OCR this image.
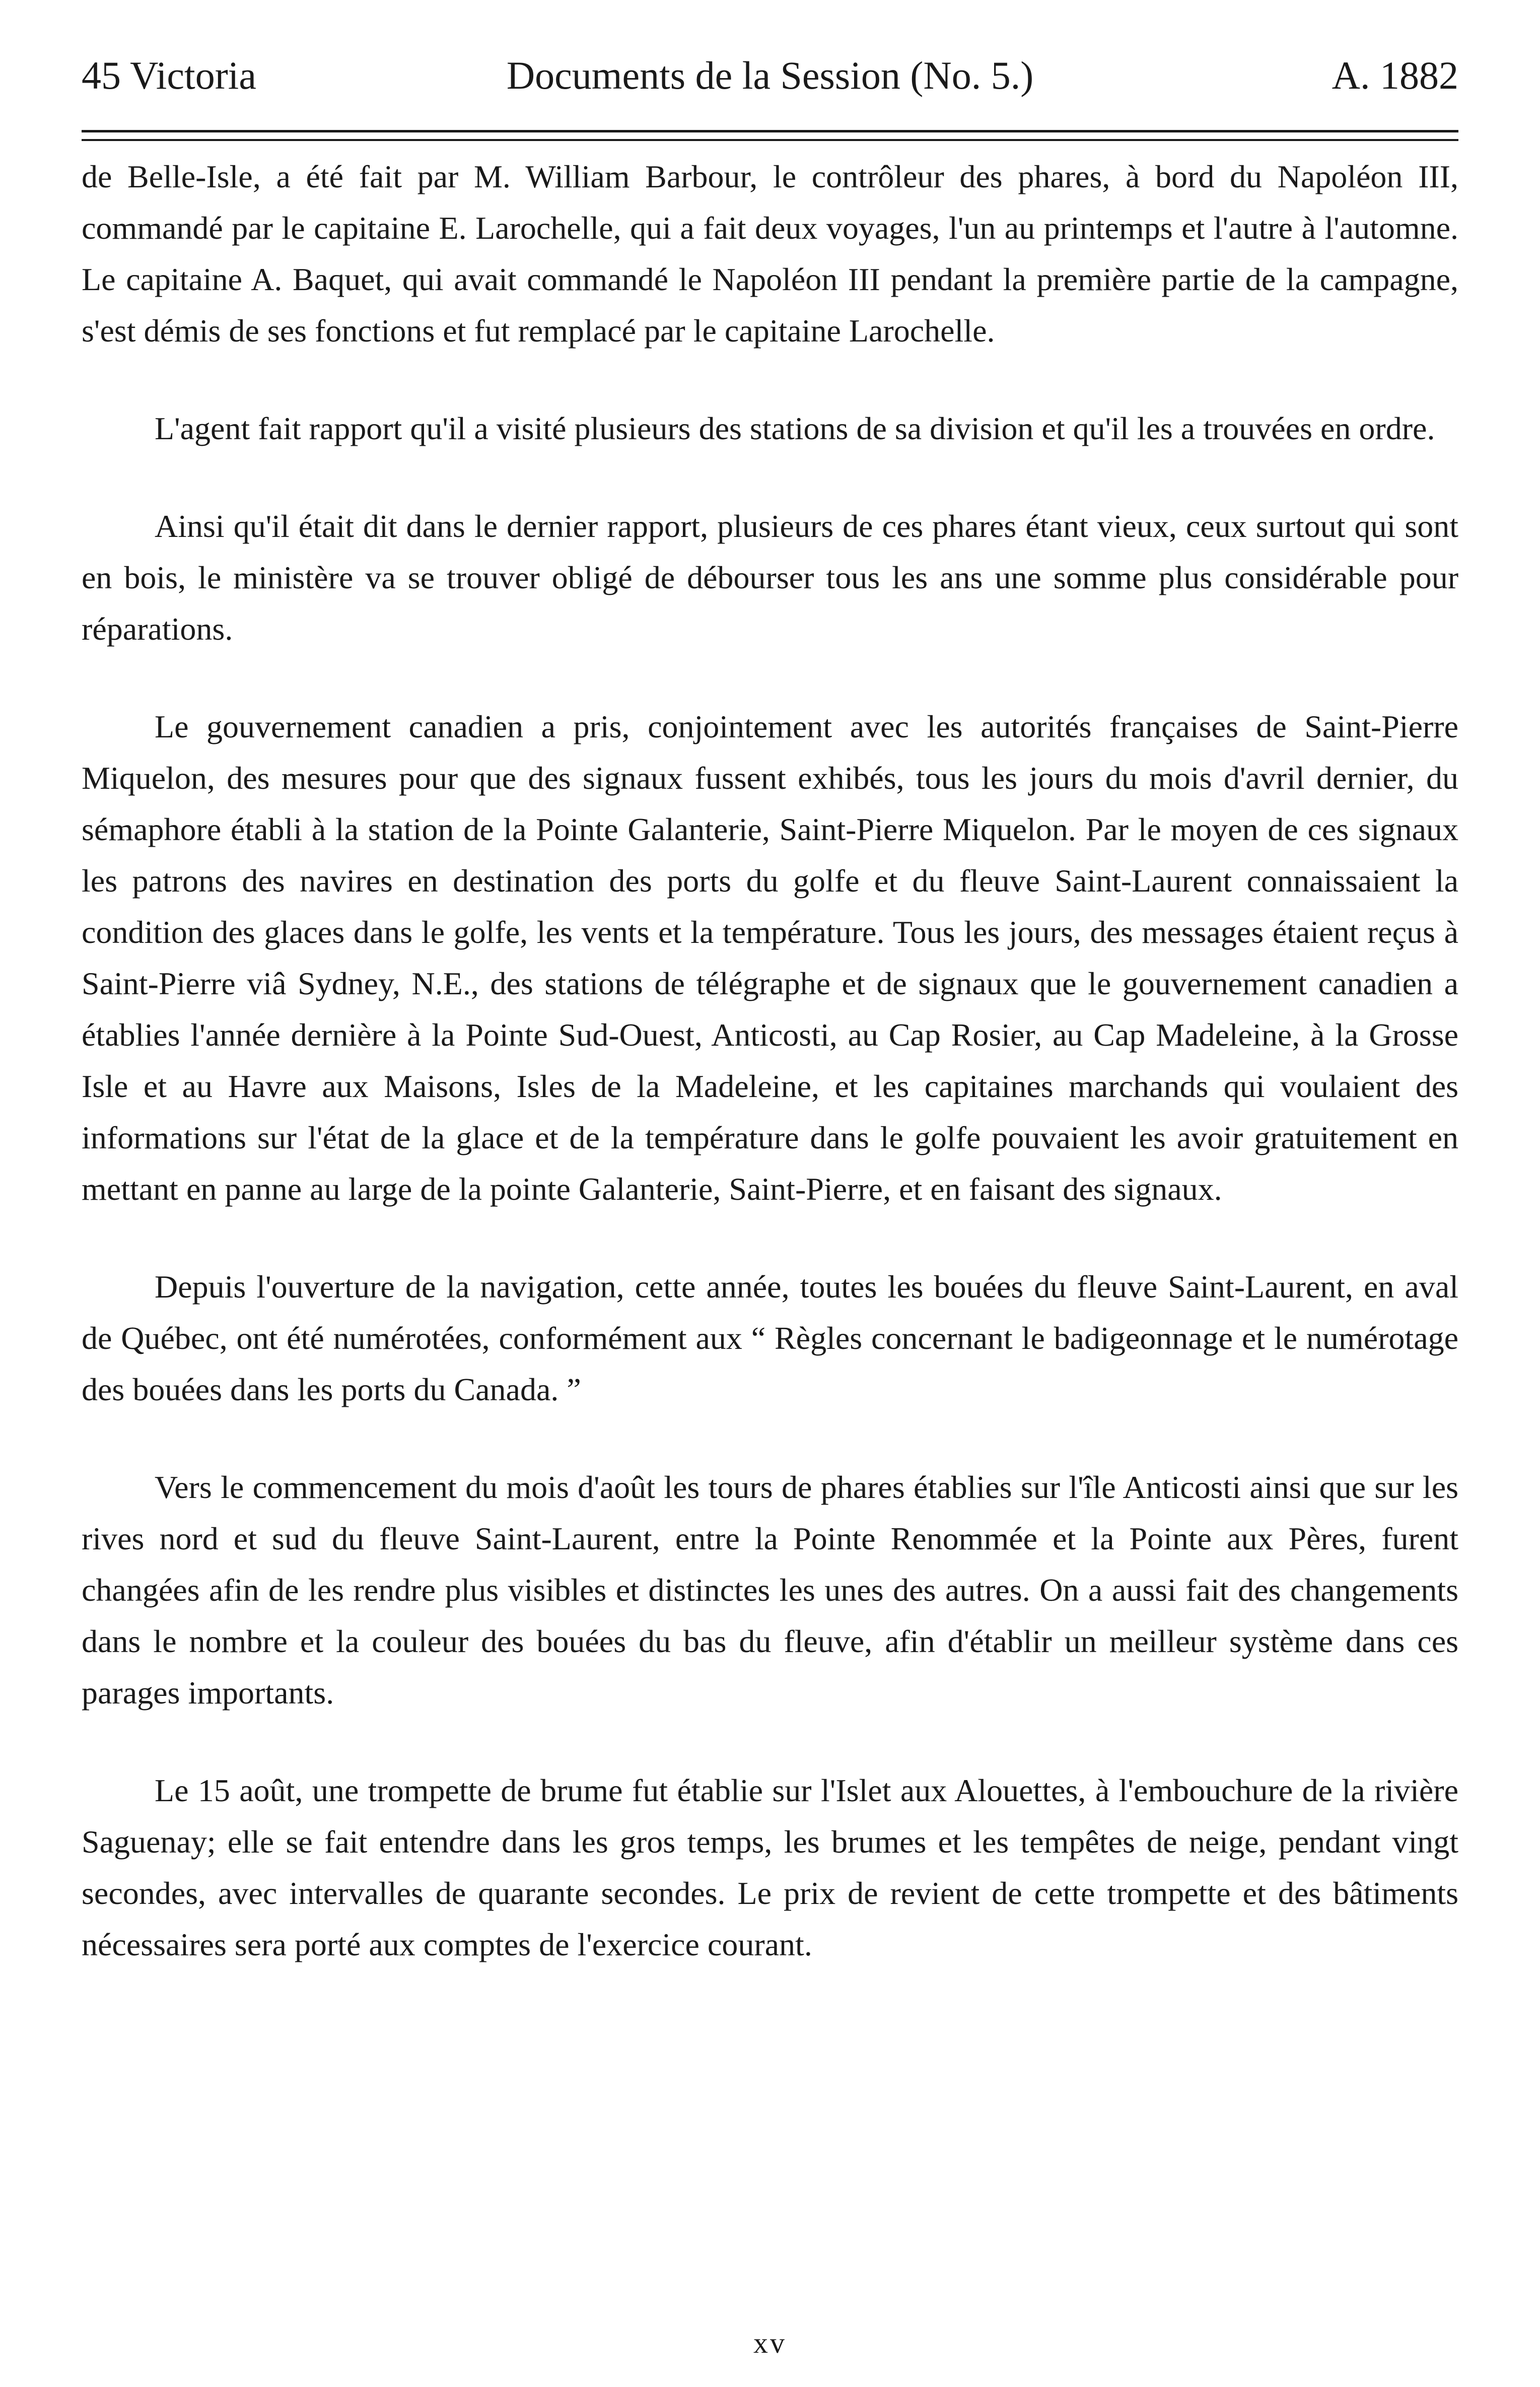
45 Victoria	Documents de la Session (No. 5.)	A. 1882

de Belle-Isle, a été fait par M. William Barbour, le contrôleur des phares, à bord du Napoléon III, commandé par le capitaine E. Larochelle, qui a fait deux voyages, l'un au printemps et l'autre à l'automne. Le capitaine A. Baquet, qui avait commandé le Napoléon III pendant la première partie de la campagne, s'est démis de ses fonctions et fut remplacé par le capitaine Larochelle.

L'agent fait rapport qu'il a visité plusieurs des stations de sa division et qu'il les a trouvées en ordre.

Ainsi qu'il était dit dans le dernier rapport, plusieurs de ces phares étant vieux, ceux surtout qui sont en bois, le ministère va se trouver obligé de débourser tous les ans une somme plus considérable pour réparations.

Le gouvernement canadien a pris, conjointement avec les autorités françaises de Saint-Pierre Miquelon, des mesures pour que des signaux fussent exhibés, tous les jours du mois d'avril dernier, du sémaphore établi à la station de la Pointe Galanterie, Saint-Pierre Miquelon. Par le moyen de ces signaux les patrons des navires en destination des ports du golfe et du fleuve Saint-Laurent connaissaient la condition des glaces dans le golfe, les vents et la température. Tous les jours, des messages étaient reçus à Saint-Pierre viâ Sydney, N.E., des stations de télégraphe et de signaux que le gouvernement canadien a établies l'année dernière à la Pointe Sud-Ouest, Anticosti, au Cap Rosier, au Cap Madeleine, à la Grosse Isle et au Havre aux Maisons, Isles de la Madeleine, et les capitaines marchands qui voulaient des informations sur l'état de la glace et de la température dans le golfe pouvaient les avoir gratuitement en mettant en panne au large de la pointe Galanterie, Saint-Pierre, et en faisant des signaux.

Depuis l'ouverture de la navigation, cette année, toutes les bouées du fleuve Saint-Laurent, en aval de Québec, ont été numérotées, conformément aux “ Règles concernant le badigeonnage et le numérotage des bouées dans les ports du Canada. ”

Vers le commencement du mois d'août les tours de phares établies sur l'île Anticosti ainsi que sur les rives nord et sud du fleuve Saint-Laurent, entre la Pointe Renommée et la Pointe aux Pères, furent changées afin de les rendre plus visibles et distinctes les unes des autres. On a aussi fait des changements dans le nombre et la couleur des bouées du bas du fleuve, afin d'établir un meilleur système dans ces parages importants.

Le 15 août, une trompette de brume fut établie sur l'Islet aux Alouettes, à l'embouchure de la rivière Saguenay; elle se fait entendre dans les gros temps, les brumes et les tempêtes de neige, pendant vingt secondes, avec intervalles de quarante secondes. Le prix de revient de cette trompette et des bâtiments nécessaires sera porté aux comptes de l'exercice courant.

xv
